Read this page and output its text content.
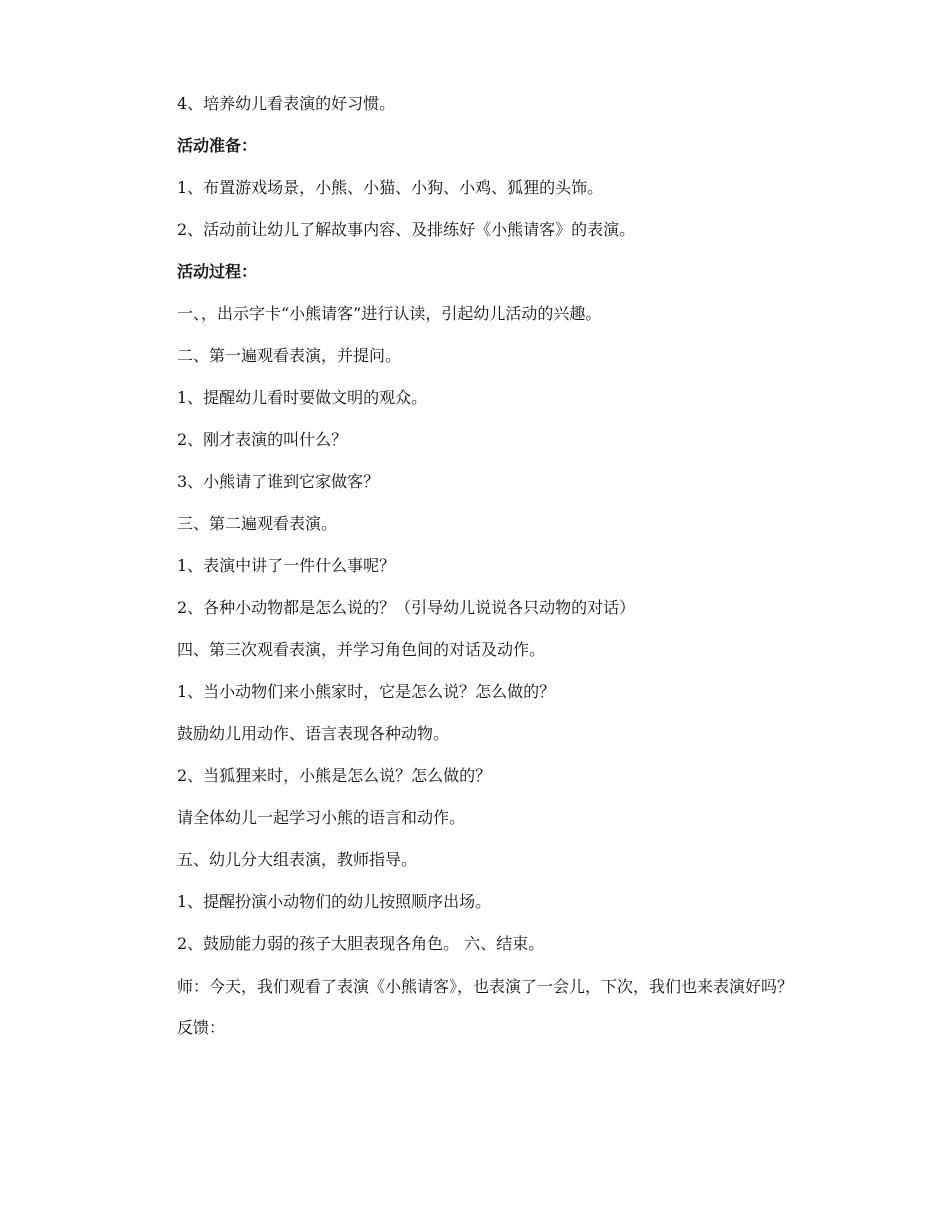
4、培养幼儿看表演的好习惯。

活动准备：

1、布置游戏场景，小熊、小猫、小狗、小鸡、狐狸的头饰。

2、活动前让幼儿了解故事内容、及排练好《小熊请客》的表演。

活动过程：

一、，出示字卡“小熊请客”进行认读，引起幼儿活动的兴趣。

二、第一遍观看表演，并提问。

1、提醒幼儿看时要做文明的观众。

2、刚才表演的叫什么？

3、小熊请了谁到它家做客？

三、第二遍观看表演。

1、表演中讲了一件什么事呢？

2、各种小动物都是怎么说的？（引导幼儿说说各只动物的对话）

四、第三次观看表演，并学习角色间的对话及动作。

1、当小动物们来小熊家时，它是怎么说？怎么做的？

鼓励幼儿用动作、语言表现各种动物。

2、当狐狸来时，小熊是怎么说？怎么做的？

请全体幼儿一起学习小熊的语言和动作。

五、幼儿分大组表演，教师指导。

1、提醒扮演小动物们的幼儿按照顺序出场。

2、鼓励能力弱的孩子大胆表现各角色。 六、结束。

师：今天，我们观看了表演《小熊请客》，也表演了一会儿，下次，我们也来表演好吗？

反馈：
